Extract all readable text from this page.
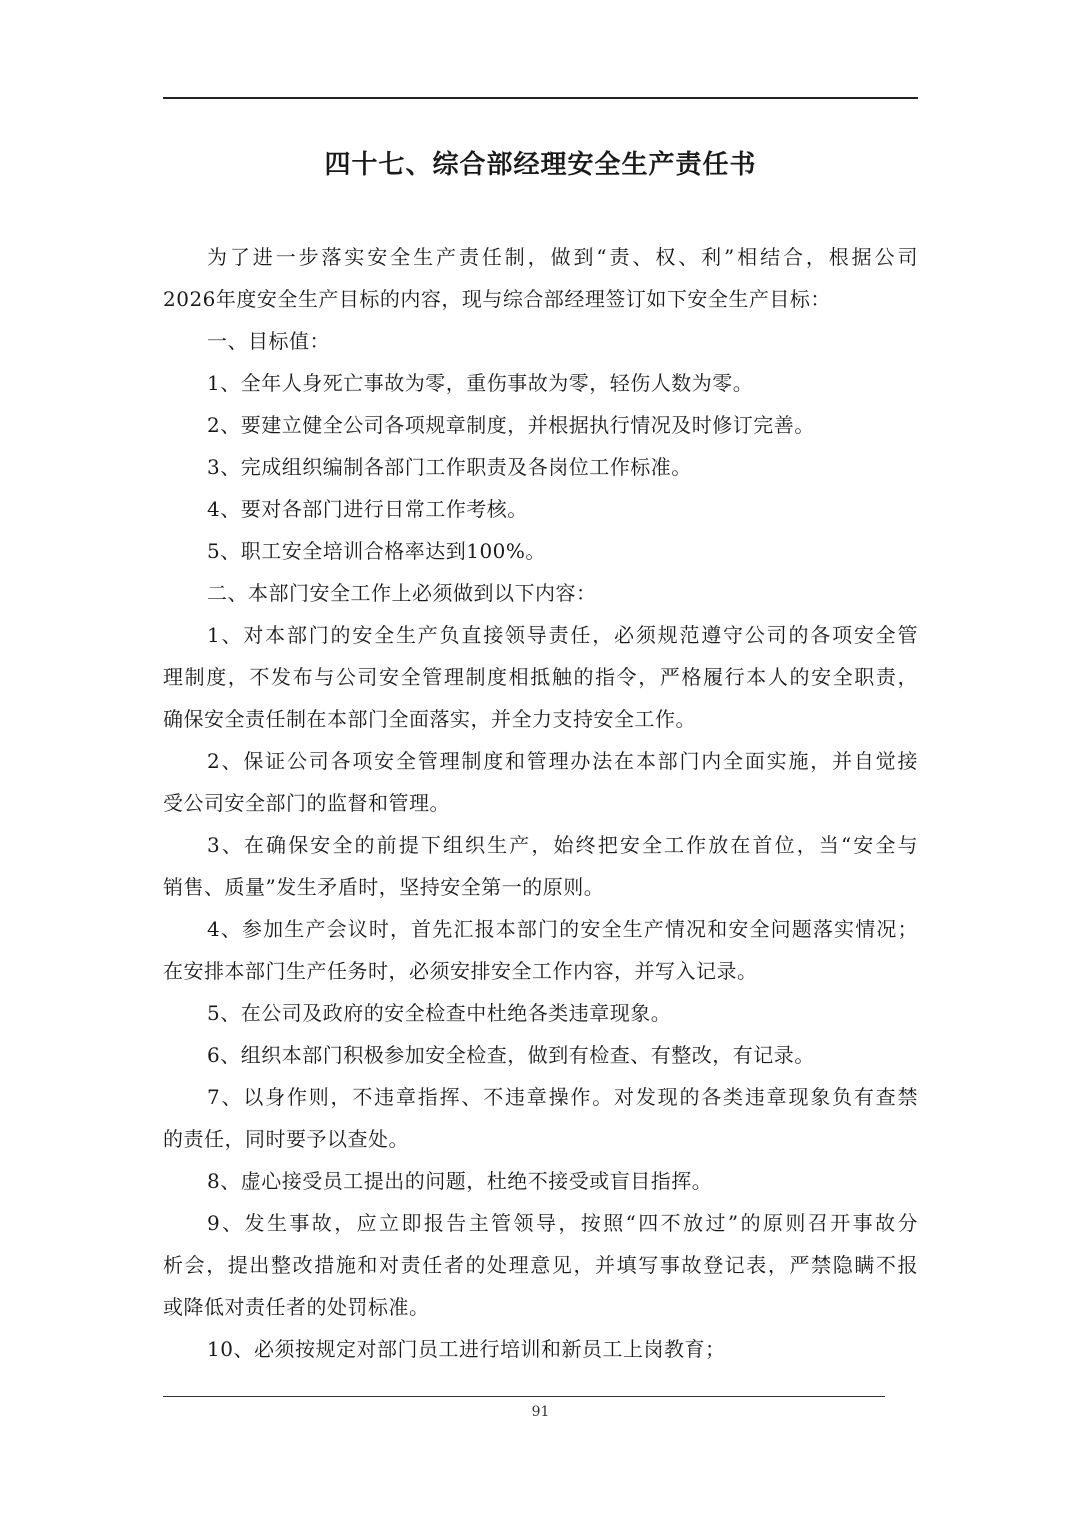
四十七、综合部经理安全生产责任书
为了进一步落实安全生产责任制，做到“责、权、利”相结合，根据公司
2026年度安全生产目标的内容，现与综合部经理签订如下安全生产目标：
一、目标值：
1、全年人身死亡事故为零，重伤事故为零，轻伤人数为零。
2、要建立健全公司各项规章制度，并根据执行情况及时修订完善。
3、完成组织编制各部门工作职责及各岗位工作标准。
4、要对各部门进行日常工作考核。
5、职工安全培训合格率达到100%。
二、本部门安全工作上必须做到以下内容：
1、对本部门的安全生产负直接领导责任，必须规范遵守公司的各项安全管
理制度，不发布与公司安全管理制度相抵触的指令，严格履行本人的安全职责，
确保安全责任制在本部门全面落实，并全力支持安全工作。
2、保证公司各项安全管理制度和管理办法在本部门内全面实施，并自觉接
受公司安全部门的监督和管理。
3、在确保安全的前提下组织生产，始终把安全工作放在首位，当“安全与
销售、质量”发生矛盾时，坚持安全第一的原则。
4、参加生产会议时，首先汇报本部门的安全生产情况和安全问题落实情况；
在安排本部门生产任务时，必须安排安全工作内容，并写入记录。
5、在公司及政府的安全检查中杜绝各类违章现象。
6、组织本部门积极参加安全检查，做到有检查、有整改，有记录。
7、以身作则，不违章指挥、不违章操作。对发现的各类违章现象负有查禁
的责任，同时要予以查处。
8、虚心接受员工提出的问题，杜绝不接受或盲目指挥。
9、发生事故，应立即报告主管领导，按照“四不放过”的原则召开事故分
析会，提出整改措施和对责任者的处理意见，并填写事故登记表，严禁隐瞒不报
或降低对责任者的处罚标准。
10、必须按规定对部门员工进行培训和新员工上岗教育；
91
